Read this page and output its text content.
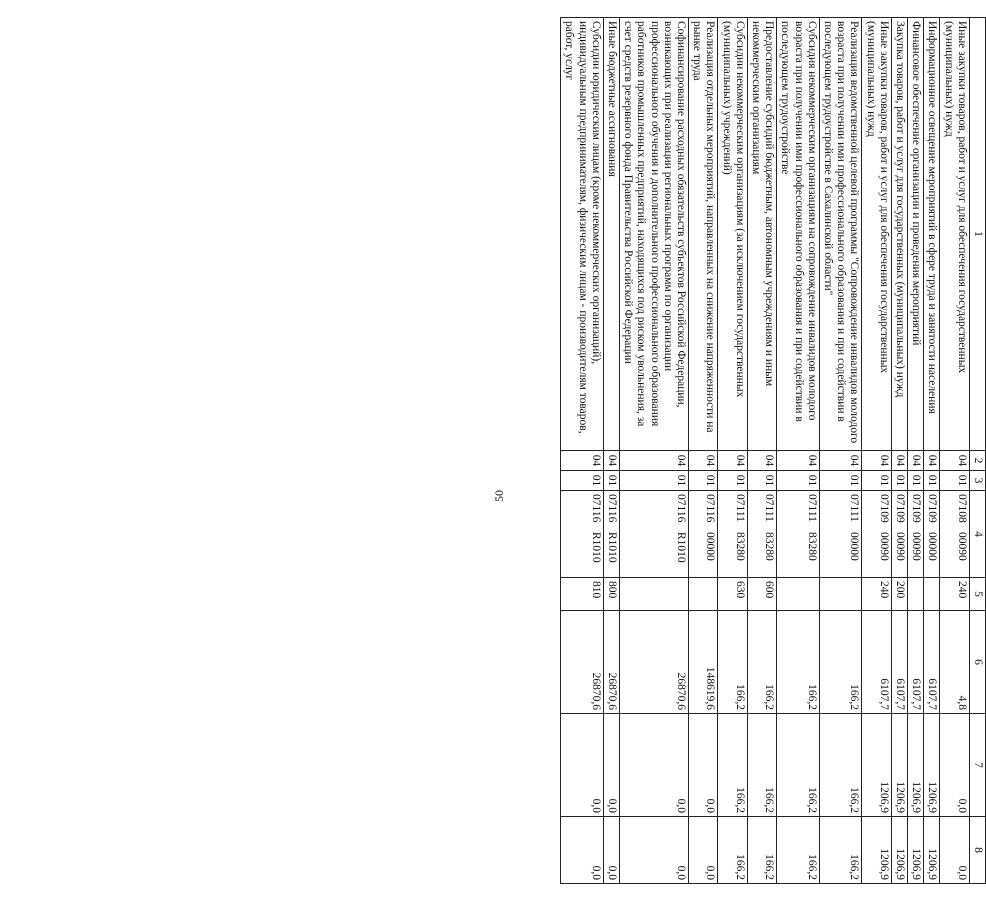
50
1	2	3	4	5	6	7	8
Иные закупки товаров, работ и услуг для обеспечения государственных (муниципальных) нужд	04	01	0710800090	240	4,8	0,0	0,0
Информационное освещение мероприятий в сфере труда и занятости населения	04	01	0710900000		6107,7	1206,9	1206,9
Финансовое обеспечение организации и проведения мероприятий	04	01	0710900090		6107,7	1206,9	1206,9
Закупка товаров, работ и услуг для государственных (муниципальных) нужд	04	01	0710900090	200	6107,7	1206,9	1206,9
Иные закупки товаров, работ и услуг для обеспечения государственных (муниципальных) нужд	04	01	0710900090	240	6107,7	1206,9	1206,9
Реализация ведомственной целевой программы "Сопровождение инвалидов молодого возраста при получении ими профессионального образования и при содействии в последующем трудоустройстве в Сахалинской области"	04	01	0711100000		166,2	166,2	166,2
Субсидия некоммерческим организациям на сопровождение инвалидов молодого возраста при получении ими профессионального образования и при содействии в последующем трудоустройстве	04	01	0711183280		166,2	166,2	166,2
Предоставление субсидий бюджетным, автономным учреждениям и иным некоммерческим организациям	04	01	0711183280	600	166,2	166,2	166,2
Субсидии некоммерческим организациям (за исключением государственных (муниципальных) учреждений)	04	01	0711183280	630	166,2	166,2	166,2
Реализация отдельных мероприятий, направленных на снижение напряженности на рынке труда	04	01	0711600000		148619,6	0,0	0,0
Софинансирование расходных обязательств субъектов Российской Федерации, возникающих при реализации региональных программ по организации профессионального обучения и дополнительного профессионального образования работников промышленных предприятий, находящихся под риском увольнения, за счет средств резервного фонда Правительства Российской Федерации	04	01	07116R1010		26870,6	0,0	0,0
Иные бюджетные ассигнования	04	01	07116R1010	800	26870,6	0,0	0,0
Субсидии юридическим лицам (кроме некоммерческих организаций), индивидуальным предпринимателям, физическим лицам - производителям товаров, работ, услуг	04	01	07116R1010	810	26870,6	0,0	0,0
